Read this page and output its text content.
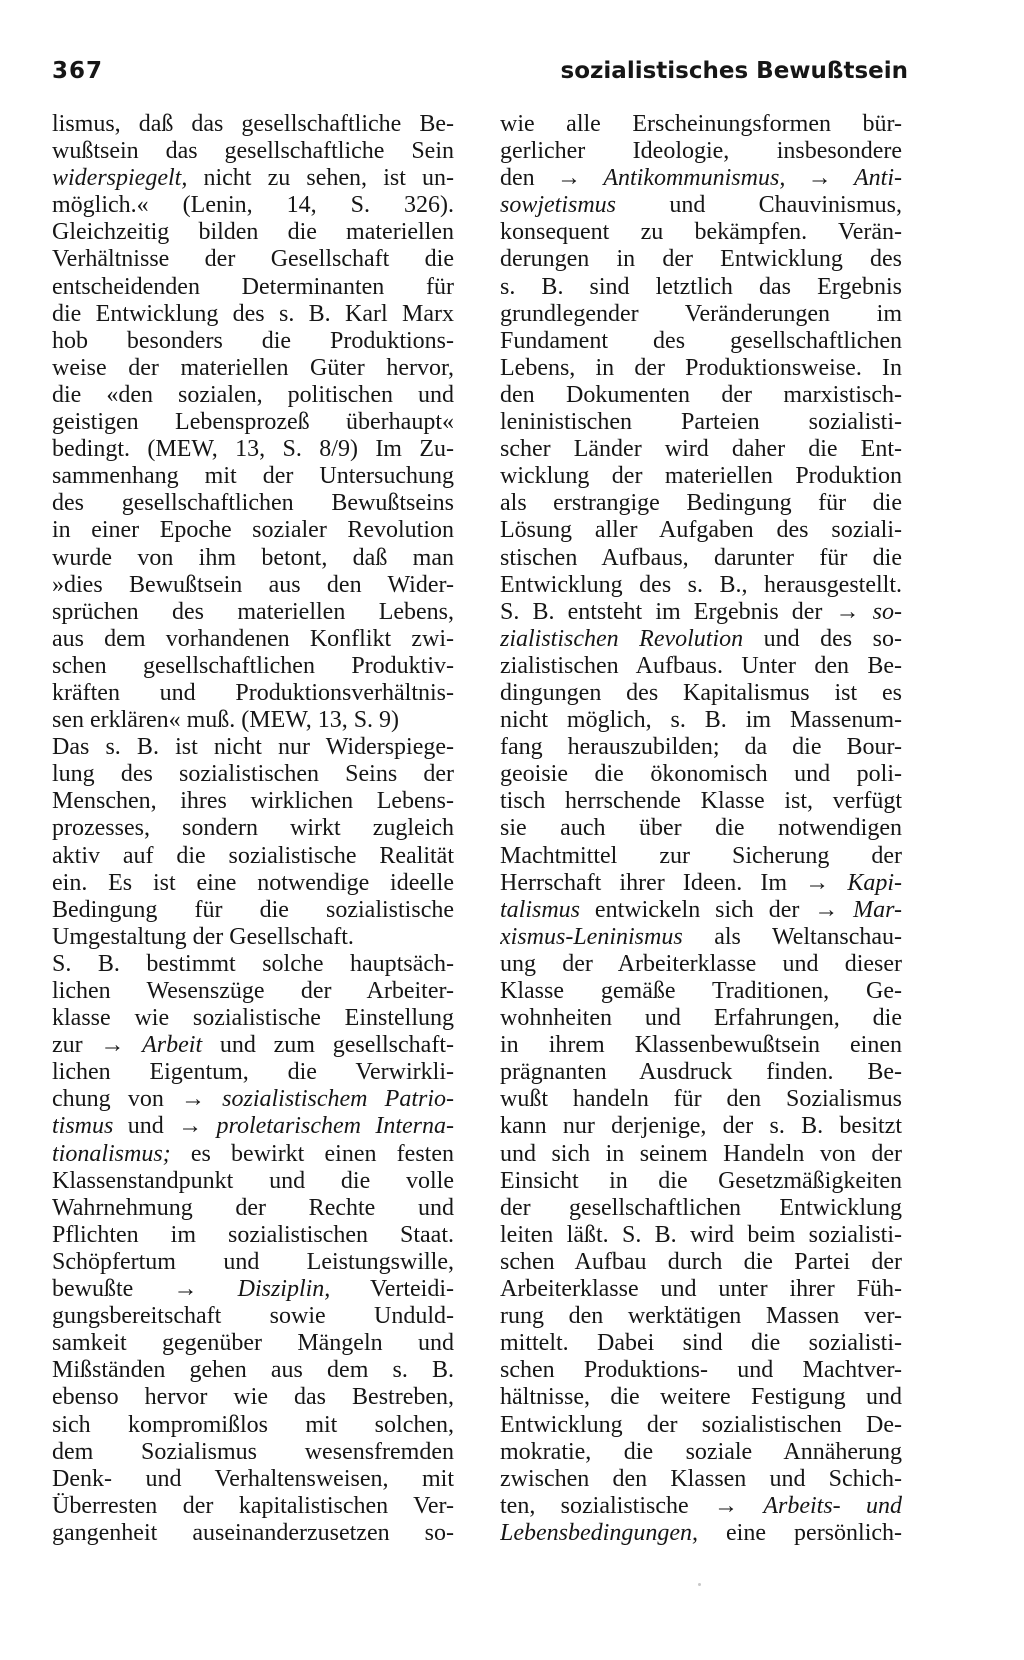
367	sozialistisches Bewußtsein
lismus, daß das gesellschaftliche Be-
wußtsein das gesellschaftliche Sein
widerspiegelt, nicht zu sehen, ist un-
möglich.« (Lenin, 14, S. 326).
Gleichzeitig bilden die materiellen
Verhältnisse der Gesellschaft die
entscheidenden Determinanten für
die Entwicklung des s. B. Karl Marx
hob besonders die Produktions-
weise der materiellen Güter hervor,
die «den sozialen, politischen und
geistigen Lebensprozeß überhaupt«
bedingt. (MEW, 13, S. 8/9) Im Zu-
sammenhang mit der Untersuchung
des gesellschaftlichen Bewußtseins
in einer Epoche sozialer Revolution
wurde von ihm betont, daß man
»dies Bewußtsein aus den Wider-
sprüchen des materiellen Lebens,
aus dem vorhandenen Konflikt zwi-
schen gesellschaftlichen Produktiv-
kräften und Produktionsverhältnis-
sen erklären« muß. (MEW, 13, S. 9)
Das s. B. ist nicht nur Widerspiege-
lung des sozialistischen Seins der
Menschen, ihres wirklichen Lebens-
prozesses, sondern wirkt zugleich
aktiv auf die sozialistische Realität
ein. Es ist eine notwendige ideelle
Bedingung für die sozialistische
Umgestaltung der Gesellschaft.
S. B. bestimmt solche hauptsäch-
lichen Wesenszüge der Arbeiter-
klasse wie sozialistische Einstellung
zur → Arbeit und zum gesellschaft-
lichen Eigentum, die Verwirkli-
chung von → sozialistischem Patrio-
tismus und → proletarischem Interna-
tionalismus; es bewirkt einen festen
Klassenstandpunkt und die volle
Wahrnehmung der Rechte und
Pflichten im sozialistischen Staat.
Schöpfertum und Leistungswille,
bewußte → Disziplin, Verteidi-
gungsbereitschaft sowie Unduld-
samkeit gegenüber Mängeln und
Mißständen gehen aus dem s. B.
ebenso hervor wie das Bestreben,
sich kompromißlos mit solchen,
dem Sozialismus wesensfremden
Denk- und Verhaltensweisen, mit
Überresten der kapitalistischen Ver-
gangenheit auseinanderzusetzen so-
wie alle Erscheinungsformen bür-
gerlicher Ideologie, insbesondere
den → Antikommunismus, → Anti-
sowjetismus und Chauvinismus,
konsequent zu bekämpfen. Verän-
derungen in der Entwicklung des
s. B. sind letztlich das Ergebnis
grundlegender Veränderungen im
Fundament des gesellschaftlichen
Lebens, in der Produktionsweise. In
den Dokumenten der marxistisch-
leninistischen Parteien sozialisti-
scher Länder wird daher die Ent-
wicklung der materiellen Produktion
als erstrangige Bedingung für die
Lösung aller Aufgaben des soziali-
stischen Aufbaus, darunter für die
Entwicklung des s. B., herausgestellt.
S. B. entsteht im Ergebnis der → so-
zialistischen Revolution und des so-
zialistischen Aufbaus. Unter den Be-
dingungen des Kapitalismus ist es
nicht möglich, s. B. im Massenum-
fang herauszubilden; da die Bour-
geoisie die ökonomisch und poli-
tisch herrschende Klasse ist, verfügt
sie auch über die notwendigen
Machtmittel zur Sicherung der
Herrschaft ihrer Ideen. Im → Kapi-
talismus entwickeln sich der → Mar-
xismus-Leninismus als Weltanschau-
ung der Arbeiterklasse und dieser
Klasse gemäße Traditionen, Ge-
wohnheiten und Erfahrungen, die
in ihrem Klassenbewußtsein einen
prägnanten Ausdruck finden. Be-
wußt handeln für den Sozialismus
kann nur derjenige, der s. B. besitzt
und sich in seinem Handeln von der
Einsicht in die Gesetzmäßigkeiten
der gesellschaftlichen Entwicklung
leiten läßt. S. B. wird beim sozialisti-
schen Aufbau durch die Partei der
Arbeiterklasse und unter ihrer Füh-
rung den werktätigen Massen ver-
mittelt. Dabei sind die sozialisti-
schen Produktions- und Machtver-
hältnisse, die weitere Festigung und
Entwicklung der sozialistischen De-
mokratie, die soziale Annäherung
zwischen den Klassen und Schich-
ten, sozialistische → Arbeits- und
Lebensbedingungen, eine persönlich-
